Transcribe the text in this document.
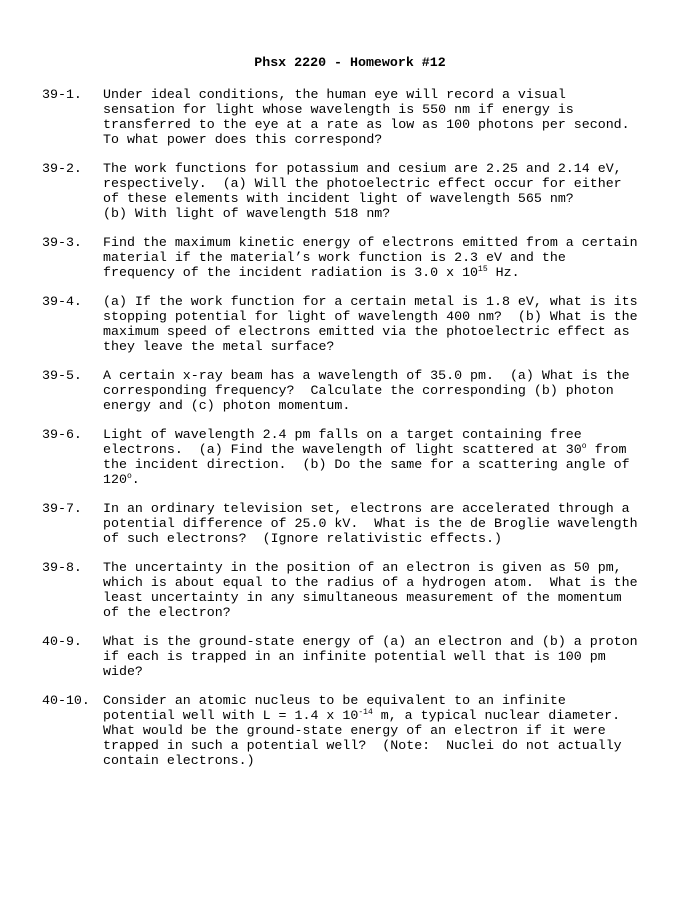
Phsx 2220 - Homework #12
39-1.	Under ideal conditions, the human eye will record a visual
sensation for light whose wavelength is 550 nm if energy is
transferred to the eye at a rate as low as 100 photons per second.
To what power does this correspond?
39-2.	The work functions for potassium and cesium are 2.25 and 2.14 eV,
respectively.  (a) Will the photoelectric effect occur for either
of these elements with incident light of wavelength 565 nm?
(b) With light of wavelength 518 nm?
39-3.	Find the maximum kinetic energy of electrons emitted from a certain
material if the material’s work function is 2.3 eV and the
frequency of the incident radiation is 3.0 x $10^{15}$ Hz.
39-4.	(a) If the work function for a certain metal is 1.8 eV, what is its
stopping potential for light of wavelength 400 nm?  (b) What is the
maximum speed of electrons emitted via the photoelectric effect as
they leave the metal surface?
39-5.	A certain x-ray beam has a wavelength of 35.0 pm.  (a) What is the
corresponding frequency?  Calculate the corresponding (b) photon
energy and (c) photon momentum.
39-6.	Light of wavelength 2.4 pm falls on a target containing free
electrons.  (a) Find the wavelength of light scattered at 30$^o$ from
the incident direction.  (b) Do the same for a scattering angle of
120$^o$.
39-7.	In an ordinary television set, electrons are accelerated through a
potential difference of 25.0 kV.  What is the de Broglie wavelength
of such electrons?  (Ignore relativistic effects.)
39-8.	The uncertainty in the position of an electron is given as 50 pm,
which is about equal to the radius of a hydrogen atom.  What is the
least uncertainty in any simultaneous measurement of the momentum
of the electron?
40-9.	What is the ground-state energy of (a) an electron and (b) a proton
if each is trapped in an infinite potential well that is 100 pm
wide?
40-10. Consider an atomic nucleus to be equivalent to an infinite
potential well with L = 1.4 x $10^{-14}$ m, a typical nuclear diameter.
What would be the ground-state energy of an electron if it were
trapped in such a potential well?  (Note:  Nuclei do not actually
contain electrons.)
